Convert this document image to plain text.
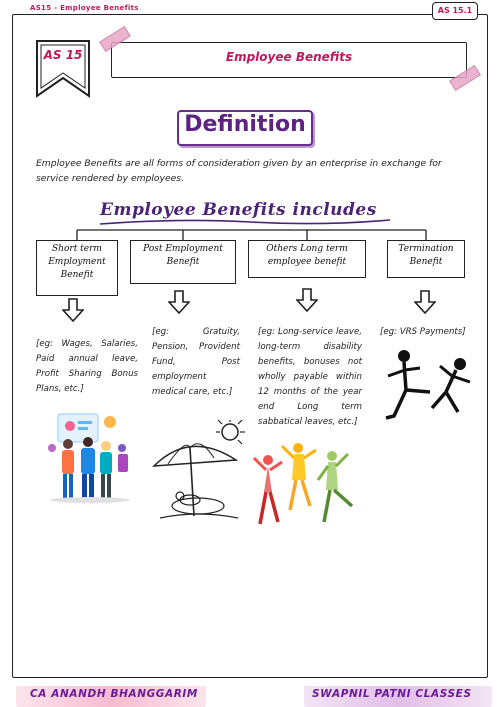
AS15 - Employee Benefits	AS 15.1
AS 15	Employee Benefits
Definition

Employee Benefits are all forms of consideration given by an enterprise in exchange for service rendered by employees.

Employee Benefits includes
Short term Employment Benefit
Post Employment Benefit
Others Long term employee benefit
Termination Benefit

[eg: Wages, Salaries, Paid annual leave, Profit Sharing Bonus Plans, etc.]

[eg: Gratuity, Pension, Provident Fund, Post employment medical care, etc.]

[eg: Long-service leave, long-term disability benefits, bonuses not wholly payable within 12 months of the year end Long term sabbatical leaves, etc.]

[eg: VRS Payments]

CA ANANDH BHANGGARIM	SWAPNIL PATNI CLASSES
